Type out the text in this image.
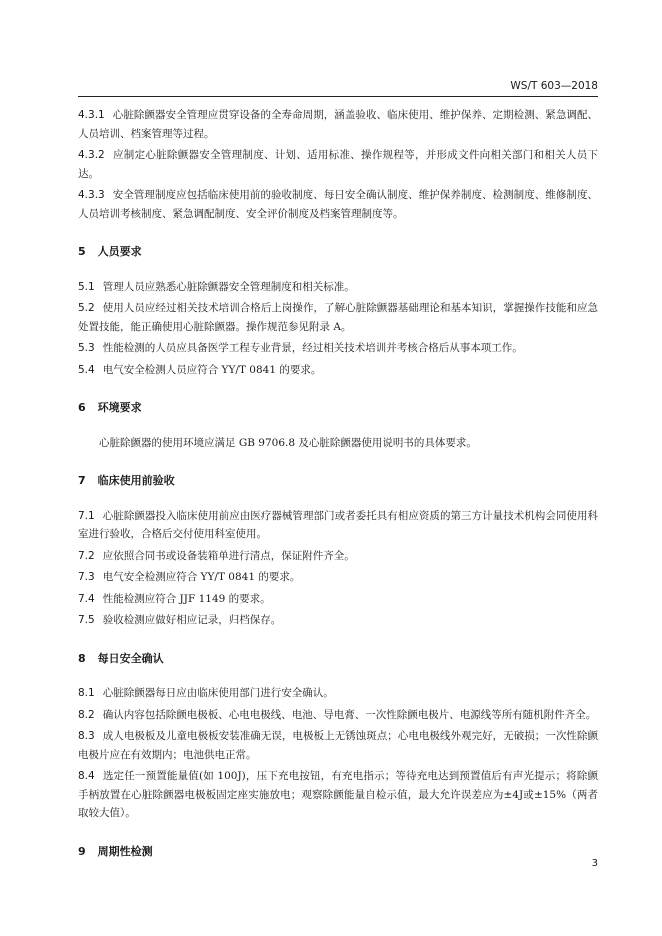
WS/T 603—2018

4.3.1 心脏除颤器安全管理应贯穿设备的全寿命周期，涵盖验收、临床使用、维护保养、定期检测、紧急调配、人员培训、档案管理等过程。

4.3.2 应制定心脏除颤器安全管理制度、计划、适用标准、操作规程等，并形成文件向相关部门和相关人员下达。

4.3.3 安全管理制度应包括临床使用前的验收制度、每日安全确认制度、维护保养制度、检测制度、维修制度、人员培训考核制度、紧急调配制度、安全评价制度及档案管理制度等。

5 人员要求

5.1 管理人员应熟悉心脏除颤器安全管理制度和相关标准。

5.2 使用人员应经过相关技术培训合格后上岗操作，了解心脏除颤器基础理论和基本知识，掌握操作技能和应急处置技能，能正确使用心脏除颤器。操作规范参见附录 A。

5.3 性能检测的人员应具备医学工程专业背景，经过相关技术培训并考核合格后从事本项工作。

5.4 电气安全检测人员应符合 YY/T 0841 的要求。

6 环境要求

心脏除颤器的使用环境应满足 GB 9706.8 及心脏除颤器使用说明书的具体要求。

7 临床使用前验收

7.1 心脏除颤器投入临床使用前应由医疗器械管理部门或者委托具有相应资质的第三方计量技术机构会同使用科室进行验收，合格后交付使用科室使用。

7.2 应依照合同书或设备装箱单进行清点，保证附件齐全。

7.3 电气安全检测应符合 YY/T 0841 的要求。

7.4 性能检测应符合 JJF 1149 的要求。

7.5 验收检测应做好相应记录，归档保存。

8 每日安全确认

8.1 心脏除颤器每日应由临床使用部门进行安全确认。

8.2 确认内容包括除颤电极板、心电电极线、电池、导电膏、一次性除颤电极片、电源线等所有随机附件齐全。

8.3 成人电极板及儿童电极板安装准确无误，电极板上无锈蚀斑点；心电电极线外观完好，无破损；一次性除颤电极片应在有效期内；电池供电正常。

8.4 选定任一预置能量值(如 100J)，压下充电按钮，有充电指示；等待充电达到预置值后有声光提示；将除颤手柄放置在心脏除颤器电极板固定座实施放电；观察除颤能量自检示值，最大允许误差应为±4J或±15%（两者取较大值）。

9 周期性检测
3
